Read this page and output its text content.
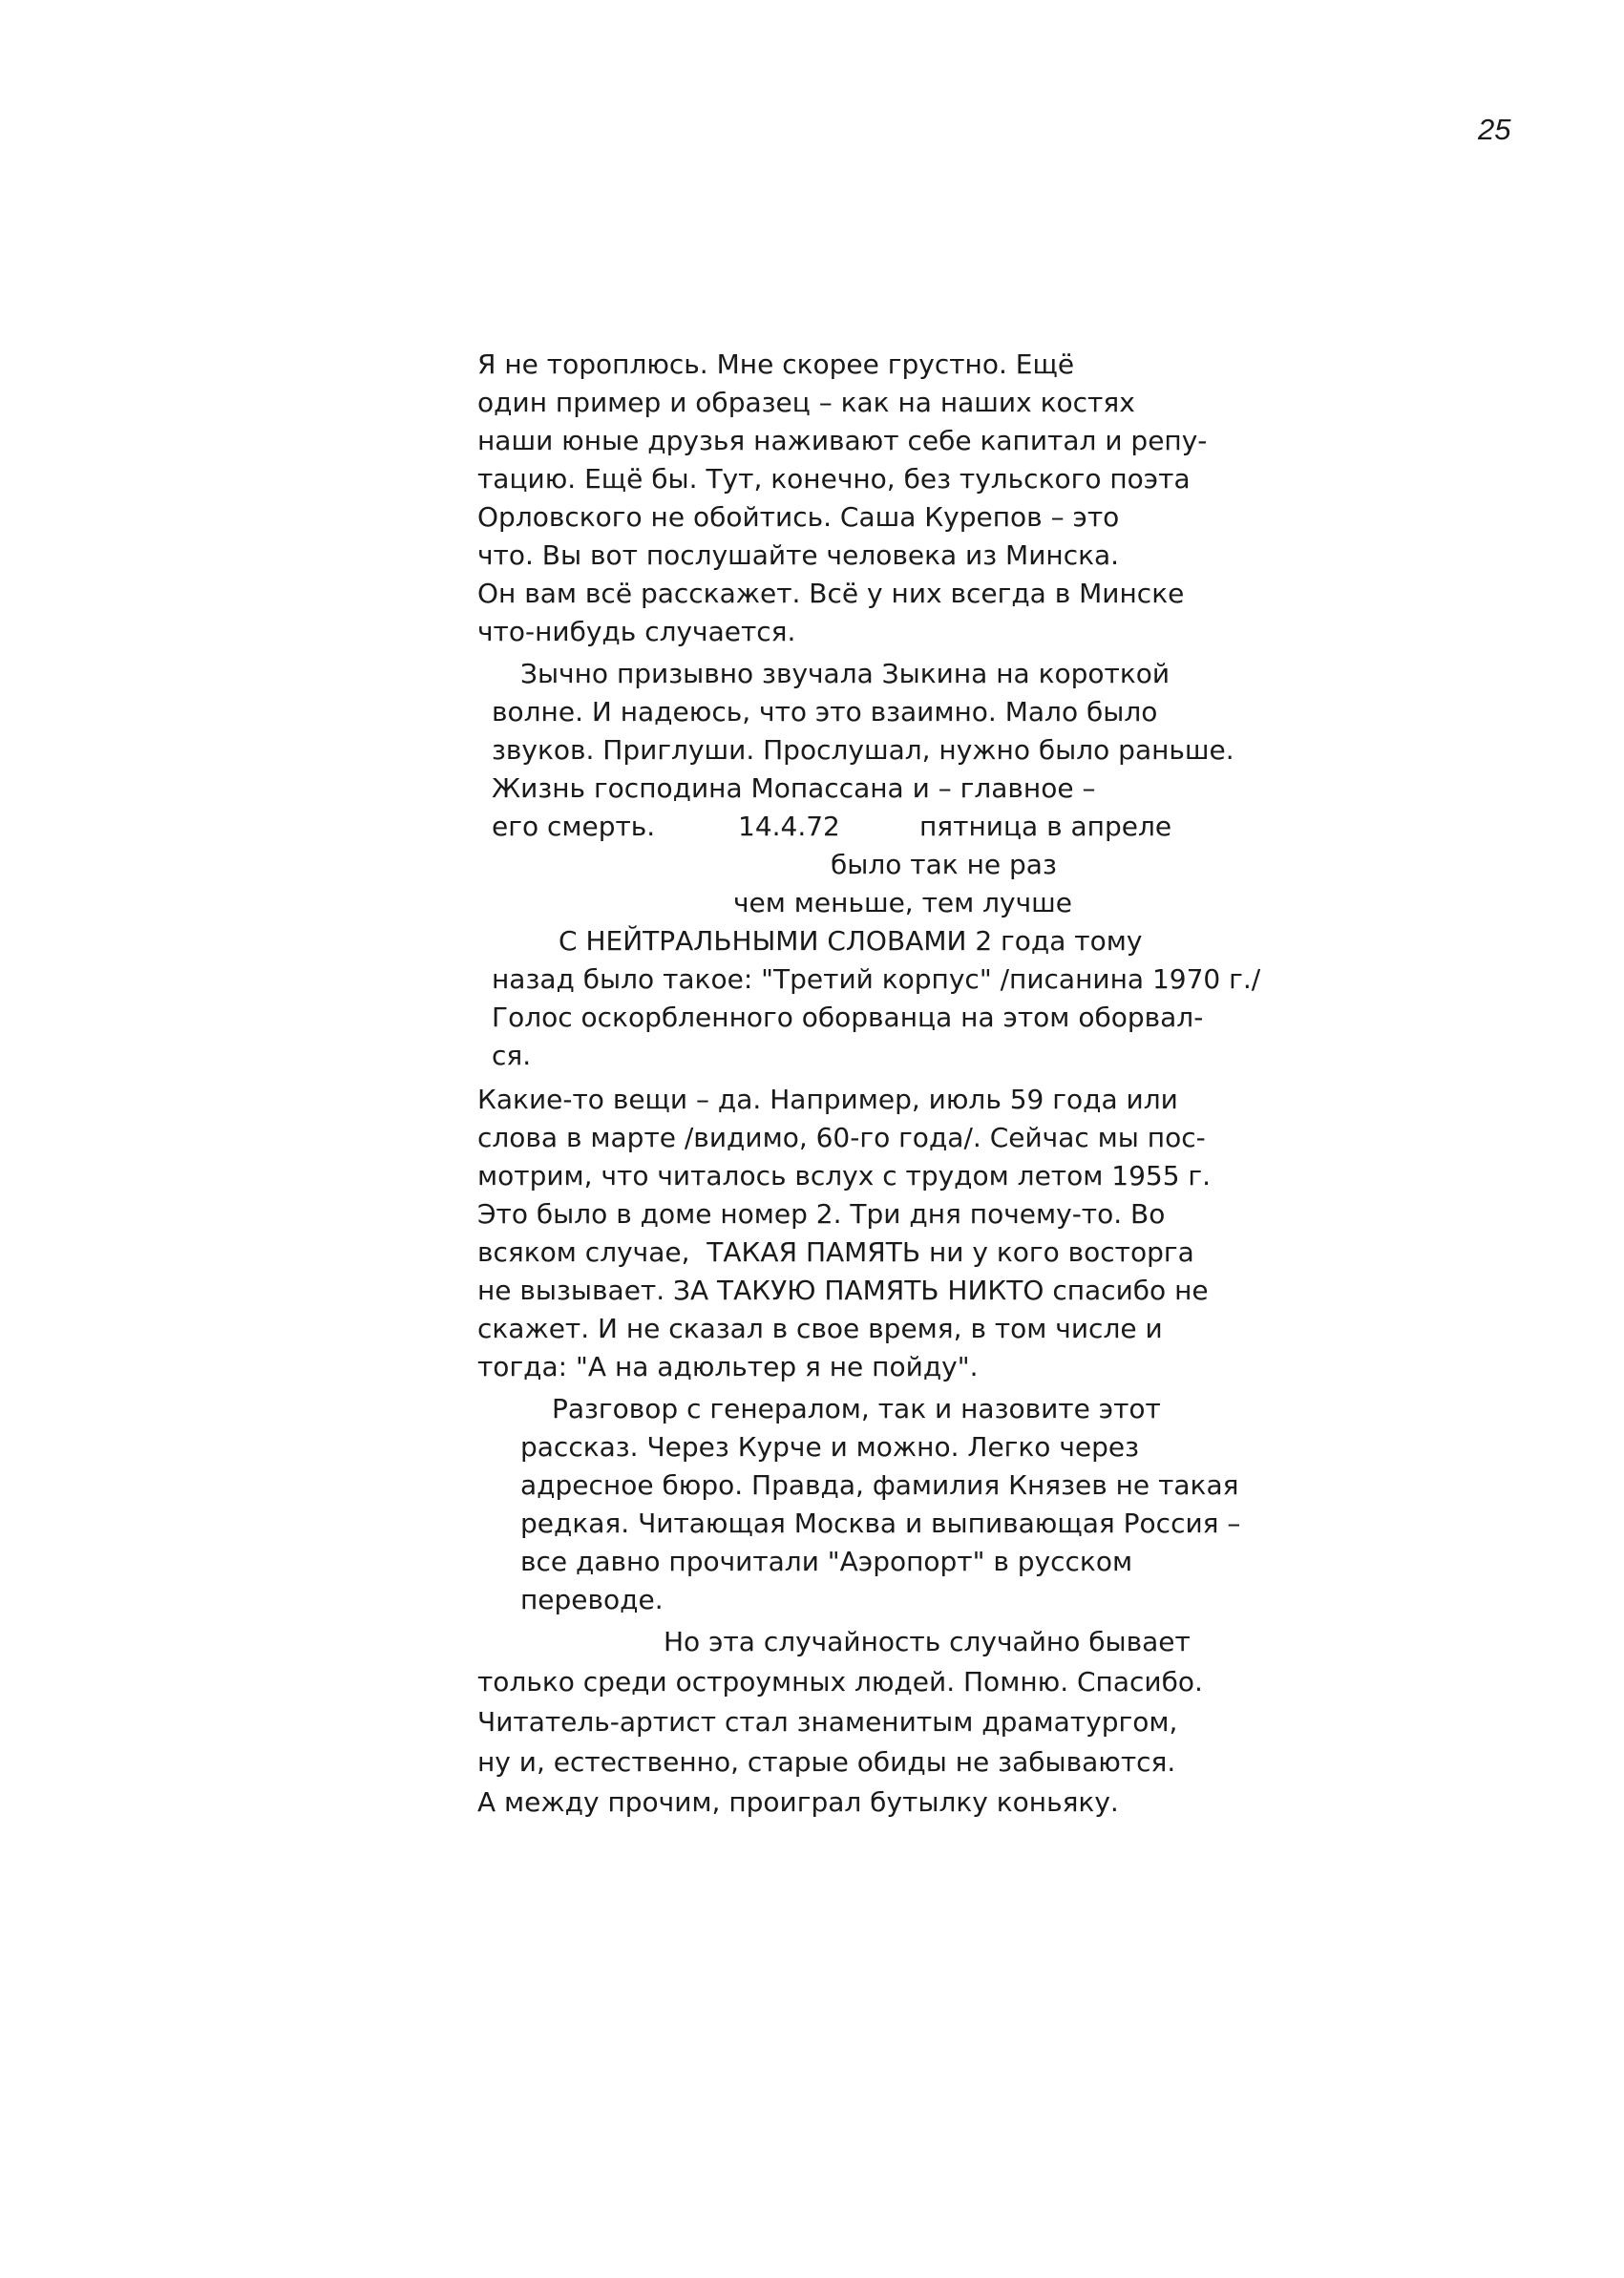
25

Я не тороплюсь. Мне скорее грустно. Ещё

один пример и образец – как на наших костях

наши юные друзья наживают себе капитал и репу-

тацию. Ещё бы. Тут, конечно, без тульского поэта

Орловского не обойтись. Саша Курепов – это

что. Вы вот послушайте человека из Минска.

Он вам всё расскажет. Всё у них всегда в Минске

что-нибудь случается.

Зычно призывно звучала Зыкина на короткой

волне. И надеюсь, что это взаимно. Мало было

звуков. Приглуши. Прослушал, нужно было раньше.

Жизнь господина Мопассана и – главное –

его смерть.	14.4.72	пятница в апреле

было так не раз

чем меньше, тем лучше

С НЕЙТРАЛЬНЫМИ СЛОВАМИ 2 года тому

назад было такое: "Третий корпус" /писанина 1970 г./

Голос оскорбленного оборванца на этом оборвал-

ся.

Какие-то вещи – да. Например, июль 59 года или

слова в марте /видимо, 60-го года/. Сейчас мы пос-

мотрим, что читалось вслух с трудом летом 1955 г.

Это было в доме номер 2. Три дня почему-то. Во

всяком случае,  ТАКАЯ ПАМЯТЬ ни у кого восторга

не вызывает. ЗА ТАКУЮ ПАМЯТЬ НИКТО спасибо не

скажет. И не сказал в свое время, в том числе и

тогда: "А на адюльтер я не пойду".

Разговор с генералом, так и назовите этот

рассказ. Через Курче и можно. Легко через

адресное бюро. Правда, фамилия Князев не такая

редкая. Читающая Москва и выпивающая Россия –

все давно прочитали "Аэропорт" в русском

переводе.

Но эта случайность случайно бывает

только среди остроумных людей. Помню. Спасибо.

Читатель-артист стал знаменитым драматургом,

ну и, естественно, старые обиды не забываются.

А между прочим, проиграл бутылку коньяку.
